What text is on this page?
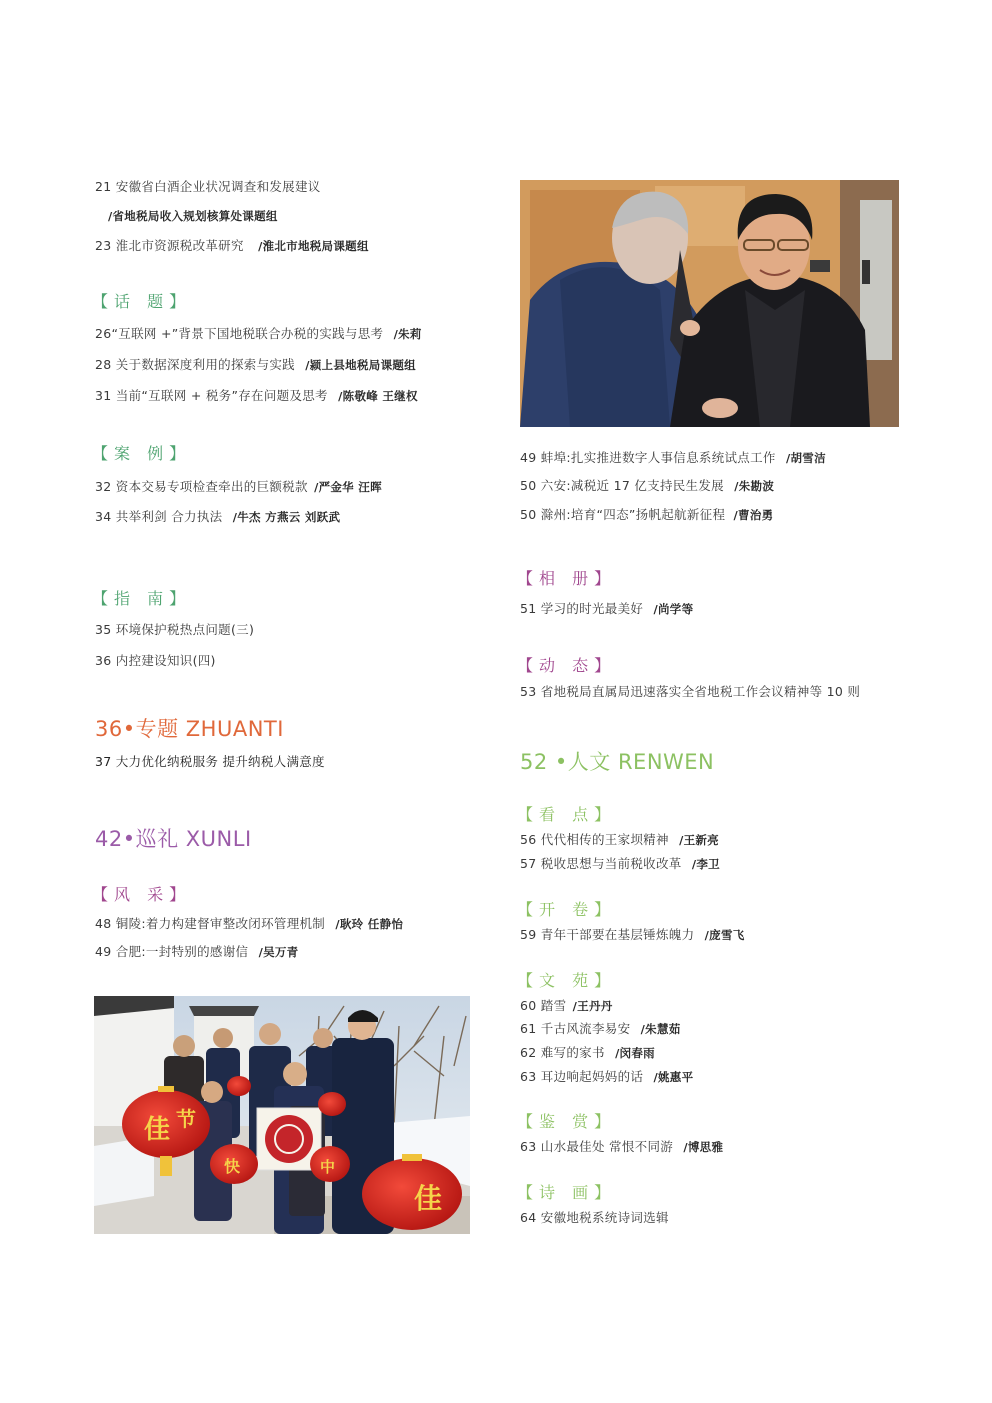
21 安徽省白酒企业状况调查和发展建议
/省地税局收入规划核算处课题组
23 淮北市资源税改革研究 /淮北市地税局课题组
【话 题】
26“互联网 +”背景下国地税联合办税的实践与思考 /朱莉
28 关于数据深度利用的探索与实践 /颍上县地税局课题组
31 当前“互联网 + 税务”存在问题及思考 /陈敬峰 王继权
【案 例】
32 资本交易专项检查牵出的巨额税款 /严金华 汪晖
34 共举利剑 合力执法 /牛杰 方燕云 刘跃武
【指 南】
35 环境保护税热点问题(三)
36 内控建设知识(四)
36•专题 ZHUANTI
37 大力优化纳税服务 提升纳税人满意度
42•巡礼 XUNLI
【风 采】
48 铜陵:着力构建督审整改闭环管理机制 /耿玲 任静怡
49 合肥:一封特别的感谢信 /吴万青
佳 节
快	中
佳
49 蚌埠:扎实推进数字人事信息系统试点工作 /胡雪洁
50 六安:减税近 17 亿支持民生发展 /朱勘波
50 滁州:培育“四态”扬帆起航新征程 /曹治勇
【相 册】
51 学习的时光最美好 /尚学等
【动 态】
53 省地税局直属局迅速落实全省地税工作会议精神等 10 则
52 •人文 RENWEN
【看 点】
56 代代相传的王家坝精神 /王新亮
57 税收思想与当前税收改革 /李卫
【开 卷】
59 青年干部要在基层锤炼魄力 /庞雪飞
【文 苑】
60 踏雪 /王丹丹
61 千古风流李易安 /朱慧茹
62 难写的家书 /闵春雨
63 耳边响起妈妈的话 /姚惠平
【鉴 赏】
63 山水最佳处 常恨不同游 /博思雅
【诗 画】
64 安徽地税系统诗词选辑
